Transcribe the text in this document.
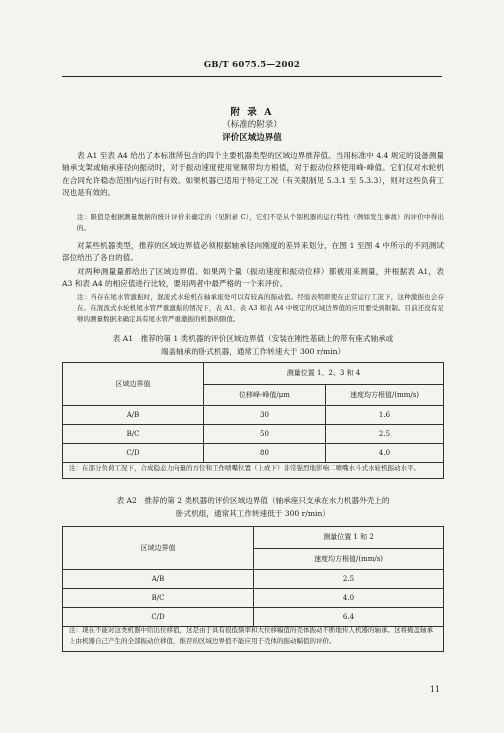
GB/T 6075.5—2002
附 录 A
（标准的附录）
评价区域边界值
表 A1 至表 A4 给出了本标准所包含的四个主要机器类型的区域边界推荐值。当用标准中 4.4 规定的设备测量轴承支架或轴承座径向振动时，对于振动速度使用宽频带均方根值，对于振动位移使用峰-峰值。它们仅对水轮机在合同允许稳态范围内运行时有效。如果机器已适用于特定工况（有关限制见 5.3.1 至 5.3.3），则对这些负荷工况也是有效的。
注：限值是根据测量数据的统计评价来确定的（见附录 C），它们不是从个别机器的运行特性（例如发生事故）的评价中得出的。
对某些机器类型，推荐的区域边界值必须根据轴承径向刚度的差异来划分，在图 1 至图 4 中所示的不同测试部位给出了各自的值。
对两种测量量都给出了区域边界值。如果两个量（振动速度和振动位移）都被用来测量，并根据表 A1，表 A3 和表 A4 的相应值进行比较，要用两者中最严格的一个来评价。
注：当存在尾水管激振时，混流式水轮机在轴承座处可以有较高的振动值。经验表明即使在正常运行工况下，这种激振也会存在。在混流式水轮机尾水管严重激振的情况下，表 A1、表 A3 和表 A4 中规定的区域边界值的应用要受到限制。目前还没有足够的测量数据来确定具有尾水管严重激振的机器的限值。
表 A1　推荐的第 1 类机器的评价区域边界值（安装在刚性基础上的带有座式轴承或
端盖轴承的卧式机器，通常工作转速大于 300 r/min）
区域边界值	测量位置 1、2、3 和 4	
	位移峰-峰值/μm	速度均方根值/(mm/s)
A/B	30	1.6
B/C	50	2.5
C/D	80	4.0
注：在部分负荷工况下，合成稳态力向量的方位和工作喷嘴位置（上或下）非常强烈地影响二喷嘴水斗式水轮机振动水平。
表 A2　推荐的第 2 类机器的评价区域边界值（轴承座只支承在水力机器外壳上的
卧式机组，通常其工作转速低于 300 r/min）
区域边界值	测量位置 1 和 2
	速度均方根值/(mm/s)
A/B	2.5
B/C	4.0
C/D	6.4
注：现在不能对这类机器中给出位移值，这是由于具有很低频率和大位移幅值的壳体振动不断地传人机器的轴承。这将掩盖轴承上由机器自己产生的全部振动位移值，推荐的区域边界值不能应用于壳体的振动幅值的评价。
11
